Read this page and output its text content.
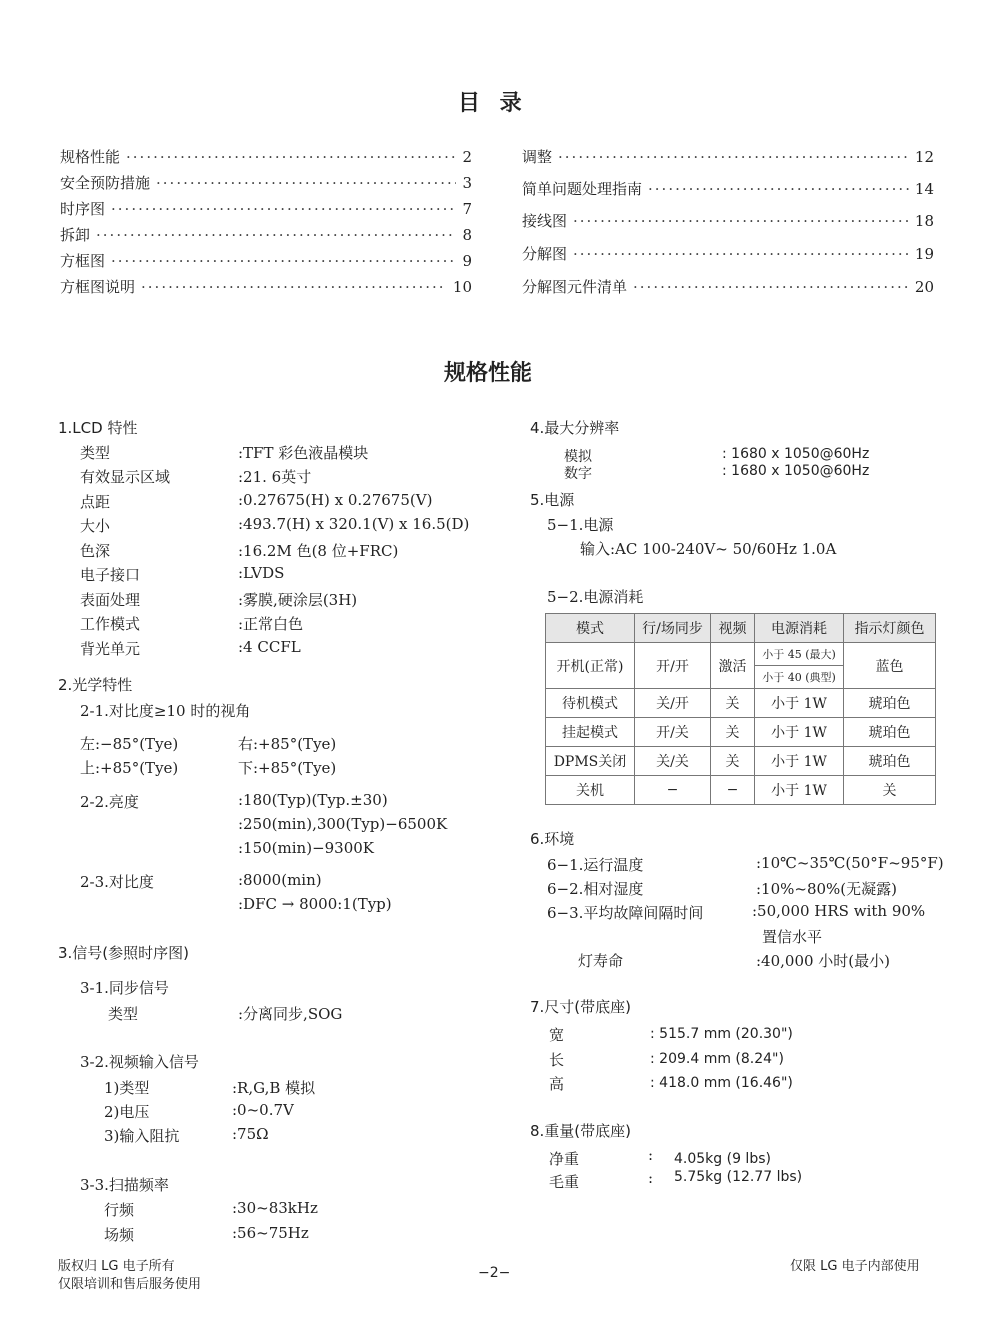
目 录
规格性能 ·····	2
安全预防措施 ·····	3
时序图 ·····	7
拆卸 ·····	8
方框图 ·····	9
方框图说明 ·····	10
调整 ·····	12
简单问题处理指南 ·····	14
接线图 ·····	18
分解图 ·····	19
分解图元件清单 ·····	20
规格性能
1.LCD 特性
类型	:TFT 彩色液晶模块
有效显示区域	:21. 6英寸
点距	:0.27675(H) x 0.27675(V)
大小	:493.7(H) x 320.1(V) x 16.5(D)
色深	:16.2M 色(8 位+FRC)
电子接口	:LVDS
表面处理	:雾膜,硬涂层(3H)
工作模式	:正常白色
背光单元	:4 CCFL
2.光学特性
2-1.对比度≥10 时的视角
左:−85°(Tye)	右:+85°(Tye)
上:+85°(Tye)	下:+85°(Tye)
2-2.亮度	:180(Typ)(Typ.±30)
:250(min),300(Typ)−6500K
:150(min)−9300K
2-3.对比度	:8000(min)
:DFC → 8000:1(Typ)
3.信号(参照时序图)
3-1.同步信号
类型	:分离同步,SOG
3-2.视频输入信号
1)类型	:R,G,B 模拟
2)电压	:0~0.7V
3)输入阻抗	:75Ω
3-3.扫描频率
行频	:30~83kHz
场频	:56~75Hz
4.最大分辨率
模拟	: 1680 x 1050@60Hz
数字	: 1680 x 1050@60Hz
5.电源
5−1.电源
输入:AC 100-240V~ 50/60Hz 1.0A
5−2.电源消耗
模式	行/场同步	视频	电源消耗	指示灯颜色
开机(正常)	开/开	激活	小于 45 (最大)	蓝色
			小于 40 (典型)	
待机模式	关/开	关	小于 1W	琥珀色
挂起模式	开/关	关	小于 1W	琥珀色
DPMS关闭	关/关	关	小于 1W	琥珀色
关机	−	−	小于 1W	关
6.环境
6−1.运行温度	:10℃~35℃(50°F~95°F)
6−2.相对湿度	:10%~80%(无凝露)
6−3.平均故障间隔时间	:50,000 HRS with 90%
置信水平
灯寿命	:40,000 小时(最小)
7.尺寸(带底座)
宽	: 515.7 mm (20.30")
长	: 209.4 mm (8.24")
高	: 418.0 mm (16.46")
8.重量(带底座)
净重	: 4.05kg (9 lbs)
毛重	: 5.75kg (12.77 lbs)
版权归 LG 电子所有
仅限培训和售后服务使用
−2−	仅限 LG 电子内部使用
